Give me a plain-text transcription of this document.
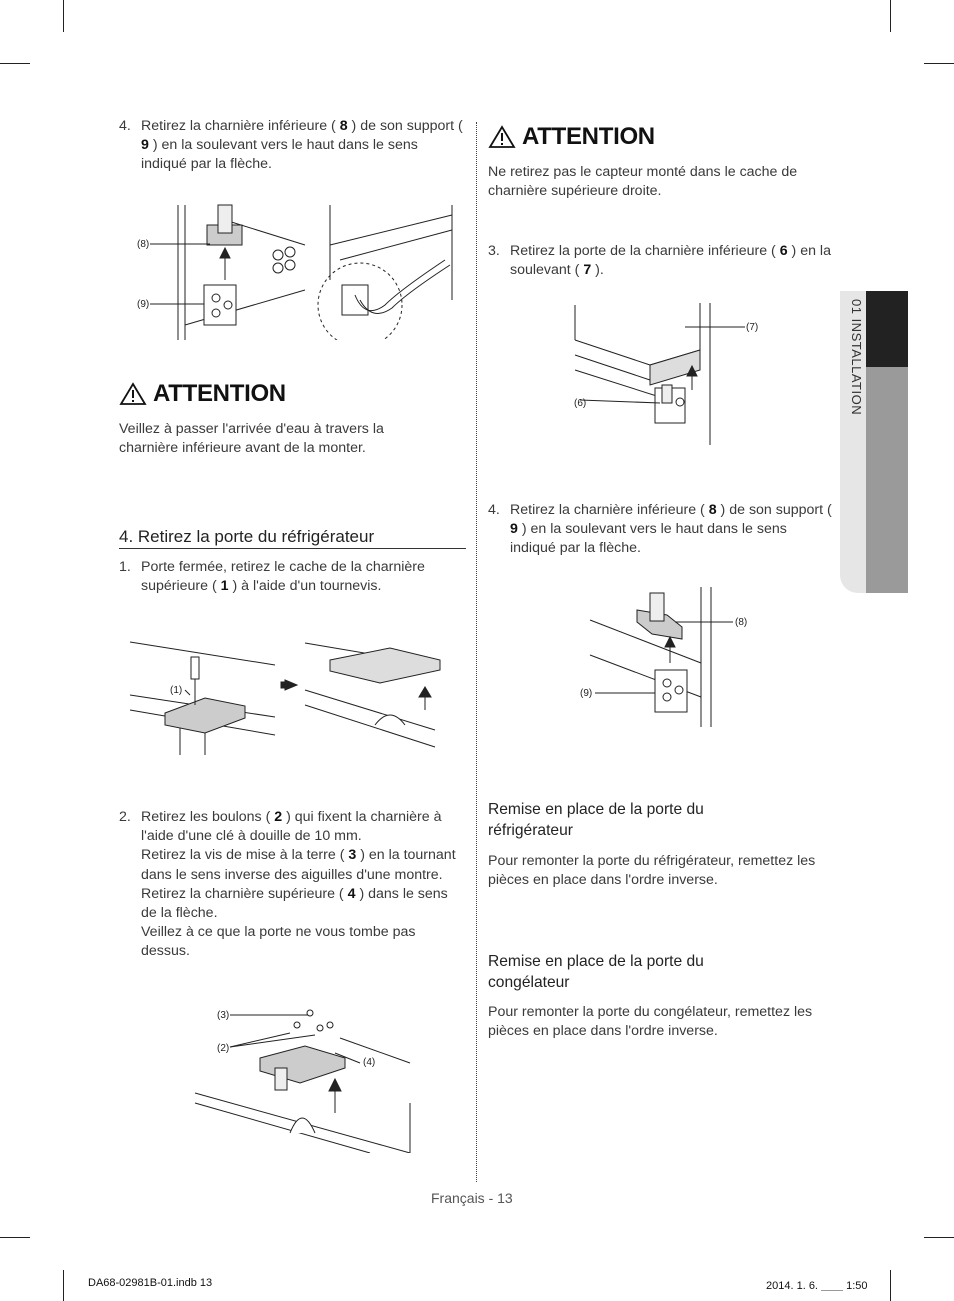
4. Retirez la charnière inférieure ( 8 ) de son support ( 9 ) en la soulevant vers le haut dans le sens indiqué par la flèche.
(8)
(9)
ATTENTION
Veillez à passer l'arrivée d'eau à travers la charnière inférieure avant de la monter.
4. Retirez la porte du réfrigérateur
1. Porte fermée, retirez le cache de la charnière supérieure ( 1 ) à l'aide d'un tournevis.
(1)
2. Retirez les boulons ( 2 ) qui fixent la charnière à l'aide d'une clé à douille de 10 mm.
Retirez la vis de mise à la terre ( 3 ) en la tournant dans le sens inverse des aiguilles d'une montre.
Retirez la charnière supérieure ( 4 ) dans le sens de la flèche.
Veillez à ce que la porte ne vous tombe pas dessus.
(3)
(2)
(4)
ATTENTION
Ne retirez pas le capteur monté dans le cache de charnière supérieure droite.
3. Retirez la porte de la charnière inférieure ( 6 ) en la soulevant ( 7 ).
(7)
(6)
4. Retirez la charnière inférieure ( 8 ) de son support ( 9 ) en la soulevant vers le haut dans le sens indiqué par la flèche.
(8)
(9)
Remise en place de la porte du réfrigérateur
Pour remonter la porte du réfrigérateur, remettez les pièces en place dans l'ordre inverse.
Remise en place de la porte du congélateur
Pour remonter la porte du congélateur, remettez les pièces en place dans l'ordre inverse.
01 INSTALLATION
Français - 13
DA68-02981B-01.indb 13	2014. 1. 6. ＿＿ 1:50
